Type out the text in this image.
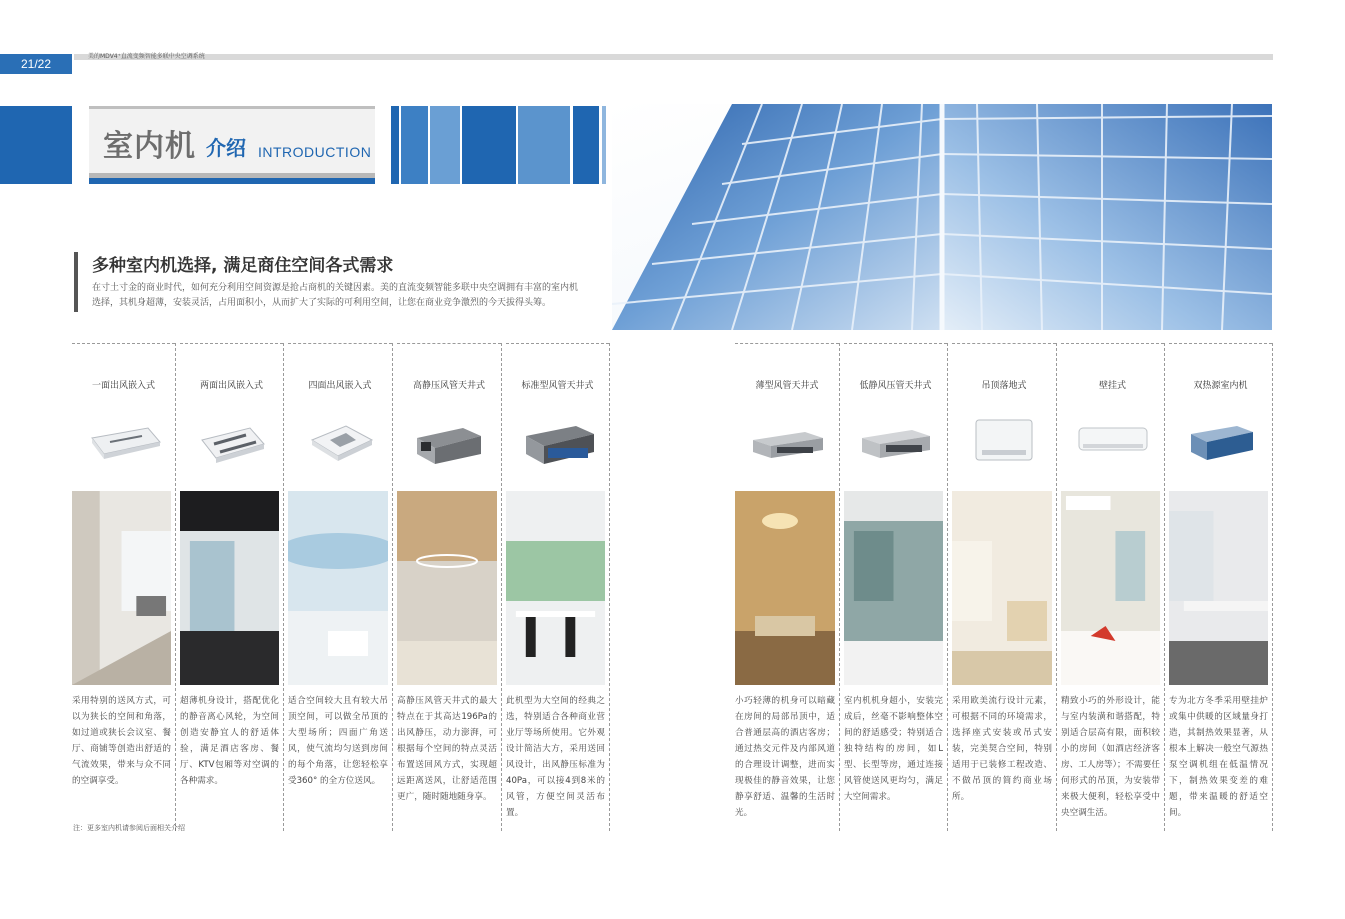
21/22
美的MDV4⁺直流变频智能多联中央空调系统
室内机 介绍 INTRODUCTION
多种室内机选择, 满足商住空间各式需求
在寸土寸金的商业时代，如何充分利用空间资源是抢占商机的关键因素。美的直流变频智能多联中央空调拥有丰富的室内机选择，其机身超薄，安装灵活，占用面积小，从而扩大了实际的可利用空间，让您在商业竞争激烈的今天拔得头筹。
一面出风嵌入式
采用特别的送风方式，可以为狭长的空间和角落，如过道或狭长会议室、餐厅、商铺等创造出舒适的气流效果，带来与众不同的空调享受。
两面出风嵌入式
超薄机身设计，搭配优化的静音离心风轮，为空间创造安静宜人的舒适体验，满足酒店客房、餐厅、KTV包厢等对空调的各种需求。
四面出风嵌入式
适合空间较大且有较大吊顶空间，可以做全吊顶的大型场所；四面广角送风，使气流均匀送到房间的每个角落，让您轻松享受360° 的全方位送风。
高静压风管天井式
高静压风管天井式的最大特点在于其高达196Pa的出风静压，动力澎湃，可根据每个空间的特点灵活布置送回风方式，实现超远距离送风，让舒适范围更广，随时随地随身享。
标准型风管天井式
此机型为大空间的经典之选，特别适合各种商业营业厅等场所使用。它外观设计简洁大方，采用送回风设计，出风静压标准为40Pa，可以接4到8米的风管，方便空间灵活布置。
薄型风管天井式
小巧轻薄的机身可以暗藏在房间的局部吊顶中，适合普通层高的酒店客房；通过热交元件及内部风道的合理设计调整，进而实现极佳的静音效果，让您静享舒适、温馨的生活时光。
低静风压管天井式
室内机机身超小，安装完成后，丝毫不影响整体空间的舒适感受；特别适合独特结构的房间，如L型、长型等房，通过连接风管使送风更均匀，满足大空间需求。
吊顶落地式
采用欧美流行设计元素，可根据不同的环境需求，选择座式安装或吊式安装，完美契合空间，特别适用于已装修工程改造、不做吊顶的简约商业场所。
壁挂式
精致小巧的外形设计，能与室内装潢和谐搭配，特别适合层高有限，面积较小的房间（如酒店经济客房、工人房等）；不需要任何形式的吊顶，为安装带来极大便利，轻松享受中央空调生活。
双热源室内机
专为北方冬季采用壁挂炉或集中供暖的区域量身打造，其制热效果显著，从根本上解决一般空气源热泵空调机组在低温情况下，制热效果变差的难题，带来温暖的舒适空间。
注：更多室内机请参阅后面相关介绍
